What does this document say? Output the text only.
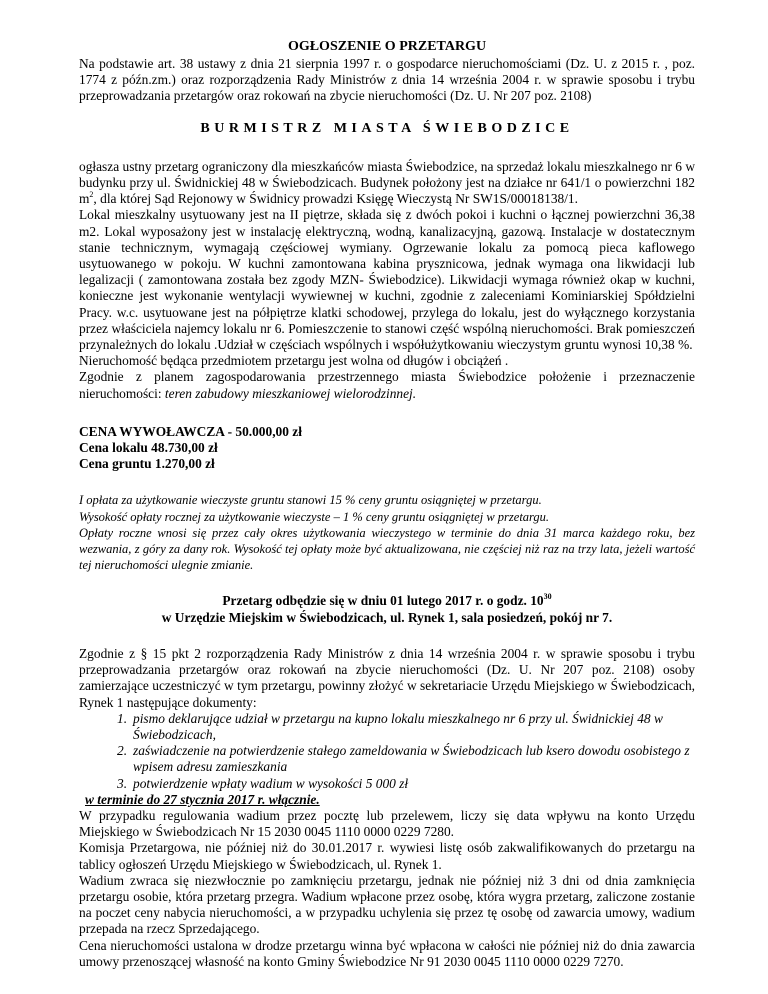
OGŁOSZENIE O PRZETARGU

Na podstawie art. 38 ustawy z dnia 21 sierpnia 1997 r. o gospodarce nieruchomościami (Dz. U. z 2015 r. , poz. 1774 z późn.zm.) oraz rozporządzenia Rady Ministrów z dnia 14 września 2004 r. w sprawie sposobu i trybu przeprowadzania przetargów oraz rokowań na zbycie nieruchomości (Dz. U. Nr 207 poz. 2108)

BURMISTRZ MIASTA ŚWIEBODZICE

ogłasza ustny przetarg ograniczony dla mieszkańców miasta Świebodzice, na sprzedaż lokalu mieszkalnego nr 6 w budynku przy ul. Świdnickiej 48 w Świebodzicach. Budynek położony jest na działce nr 641/1 o powierzchni 182 $m^2$, dla której Sąd Rejonowy w Świdnicy prowadzi Księgę Wieczystą Nr SW1S/00018138/1.

Lokal mieszkalny usytuowany jest na II piętrze, składa się z dwóch pokoi i kuchni o łącznej powierzchni 36,38 m2. Lokal wyposażony jest w instalację elektryczną, wodną, kanalizacyjną, gazową. Instalacje w dostatecznym stanie technicznym, wymagają częściowej wymiany. Ogrzewanie lokalu za pomocą pieca kaflowego usytuowanego w pokoju. W kuchni zamontowana kabina prysznicowa, jednak wymaga ona likwidacji lub legalizacji ( zamontowana została bez zgody MZN- Świebodzice). Likwidacji wymaga również okap w kuchni, konieczne jest wykonanie wentylacji wywiewnej w kuchni, zgodnie z zaleceniami Kominiarskiej Spółdzielni Pracy. w.c. usytuowane jest na półpiętrze klatki schodowej, przylega do lokalu, jest do wyłącznego korzystania przez właściciela najemcy lokalu nr 6. Pomieszczenie to stanowi część wspólną nieruchomości. Brak pomieszczeń przynależnych do lokalu .Udział w częściach wspólnych i współużytkowaniu wieczystym gruntu wynosi 10,38 %.

Nieruchomość będąca przedmiotem przetargu jest wolna od długów i obciążeń .

Zgodnie z planem zagospodarowania przestrzennego miasta Świebodzice położenie i przeznaczenie nieruchomości: teren zabudowy mieszkaniowej wielorodzinnej.

CENA WYWOŁAWCZA - 50.000,00 zł
Cena lokalu 48.730,00 zł
Cena gruntu 1.270,00 zł

I opłata za użytkowanie wieczyste gruntu stanowi 15 % ceny gruntu osiągniętej w przetargu.

Wysokość opłaty rocznej za użytkowanie wieczyste – 1 % ceny gruntu osiągniętej w przetargu.

Opłaty roczne wnosi się przez cały okres użytkowania wieczystego w terminie do dnia 31 marca każdego roku, bez wezwania, z góry za dany rok. Wysokość tej opłaty może być aktualizowana, nie częściej niż raz na trzy lata, jeżeli wartość tej nieruchomości ulegnie zmianie.

Przetarg odbędzie się w dniu 01 lutego 2017 r. o godz. $10^{30}$
w Urzędzie Miejskim w Świebodzicach, ul. Rynek 1, sala posiedzeń, pokój nr 7.

Zgodnie z § 15 pkt 2 rozporządzenia Rady Ministrów z dnia 14 września 2004 r. w sprawie sposobu i trybu przeprowadzania przetargów oraz rokowań na zbycie nieruchomości (Dz. U. Nr 207 poz. 2108) osoby zamierzające uczestniczyć w tym przetargu, powinny złożyć w sekretariacie Urzędu Miejskiego w Świebodzicach, Rynek 1 następujące dokumenty:

1. pismo deklarujące udział w przetargu na kupno lokalu mieszkalnego nr 6 przy ul. Świdnickiej 48 w Świebodzicach,
2. zaświadczenie na potwierdzenie stałego zameldowania w Świebodzicach lub ksero dowodu osobistego z wpisem adresu zamieszkania
3. potwierdzenie wpłaty wadium w wysokości 5 000 zł
w terminie do 27 stycznia 2017 r. włącznie.

W przypadku regulowania wadium przez pocztę lub przelewem, liczy się data wpływu na konto Urzędu Miejskiego w Świebodzicach Nr 15 2030 0045 1110 0000 0229 7280.

Komisja Przetargowa, nie później niż do 30.01.2017 r. wywiesi listę osób zakwalifikowanych do przetargu na tablicy ogłoszeń Urzędu Miejskiego w Świebodzicach, ul. Rynek 1.

Wadium zwraca się niezwłocznie po zamknięciu przetargu, jednak nie później niż 3 dni od dnia zamknięcia przetargu osobie, która przetarg przegra. Wadium wpłacone przez osobę, która wygra przetarg, zaliczone zostanie na poczet ceny nabycia nieruchomości, a w przypadku uchylenia się przez tę osobę od zawarcia umowy, wadium przepada na rzecz Sprzedającego.

Cena nieruchomości ustalona w drodze przetargu winna być wpłacona w całości nie później niż do dnia zawarcia umowy przenoszącej własność na konto Gminy Świebodzice Nr 91 2030 0045 1110 0000 0229 7270.
